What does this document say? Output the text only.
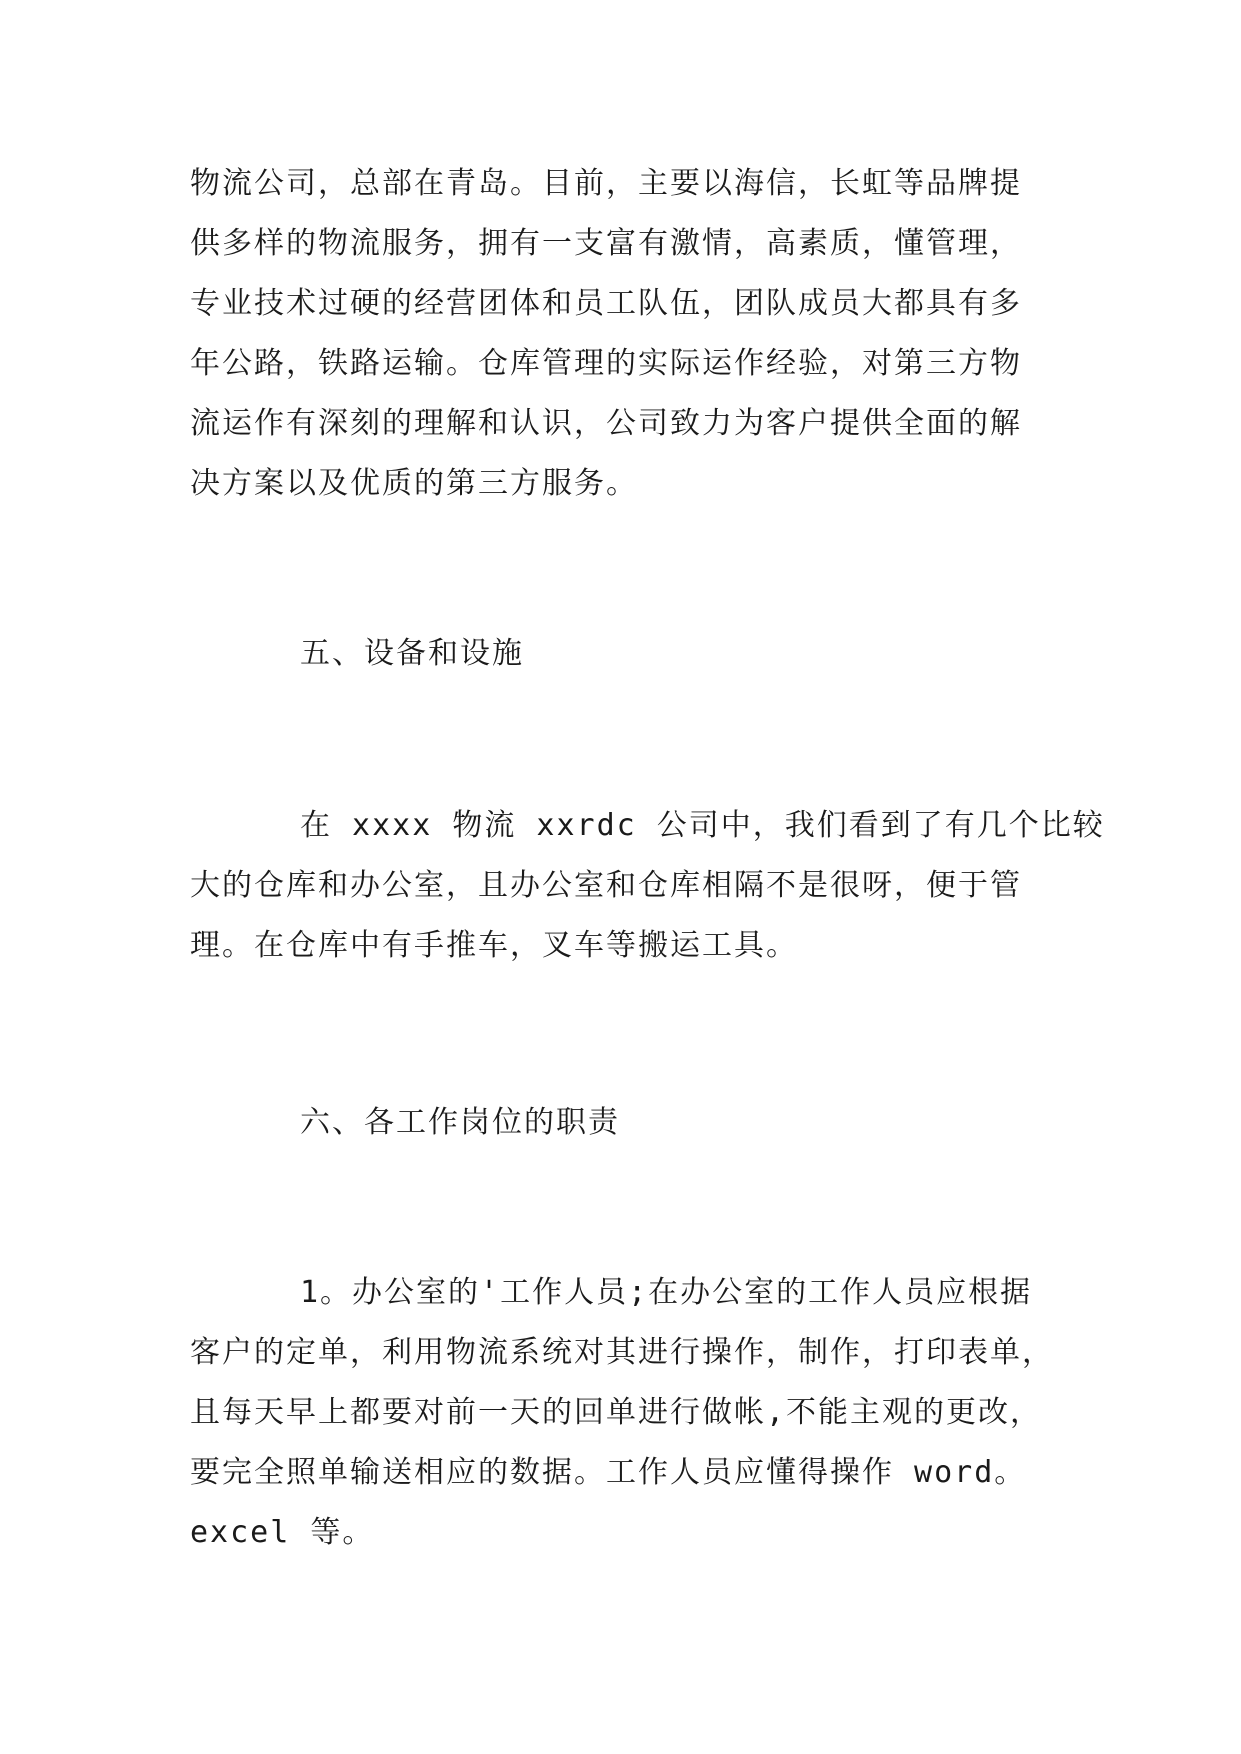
物流公司，总部在青岛。目前，主要以海信，长虹等品牌提
供多样的物流服务，拥有一支富有激情，高素质，懂管理，
专业技术过硬的经营团体和员工队伍，团队成员大都具有多
年公路，铁路运输。仓库管理的实际运作经验，对第三方物
流运作有深刻的理解和认识，公司致力为客户提供全面的解
决方案以及优质的第三方服务。
五、设备和设施
在 xxxx 物流 xxrdc 公司中，我们看到了有几个比较
大的仓库和办公室，且办公室和仓库相隔不是很呀，便于管
理。在仓库中有手推车，叉车等搬运工具。
六、各工作岗位的职责
1。办公室的'工作人员;在办公室的工作人员应根据
客户的定单，利用物流系统对其进行操作，制作，打印表单，
且每天早上都要对前一天的回单进行做帐,不能主观的更改，
要完全照单输送相应的数据。工作人员应懂得操作 word。
excel 等。
